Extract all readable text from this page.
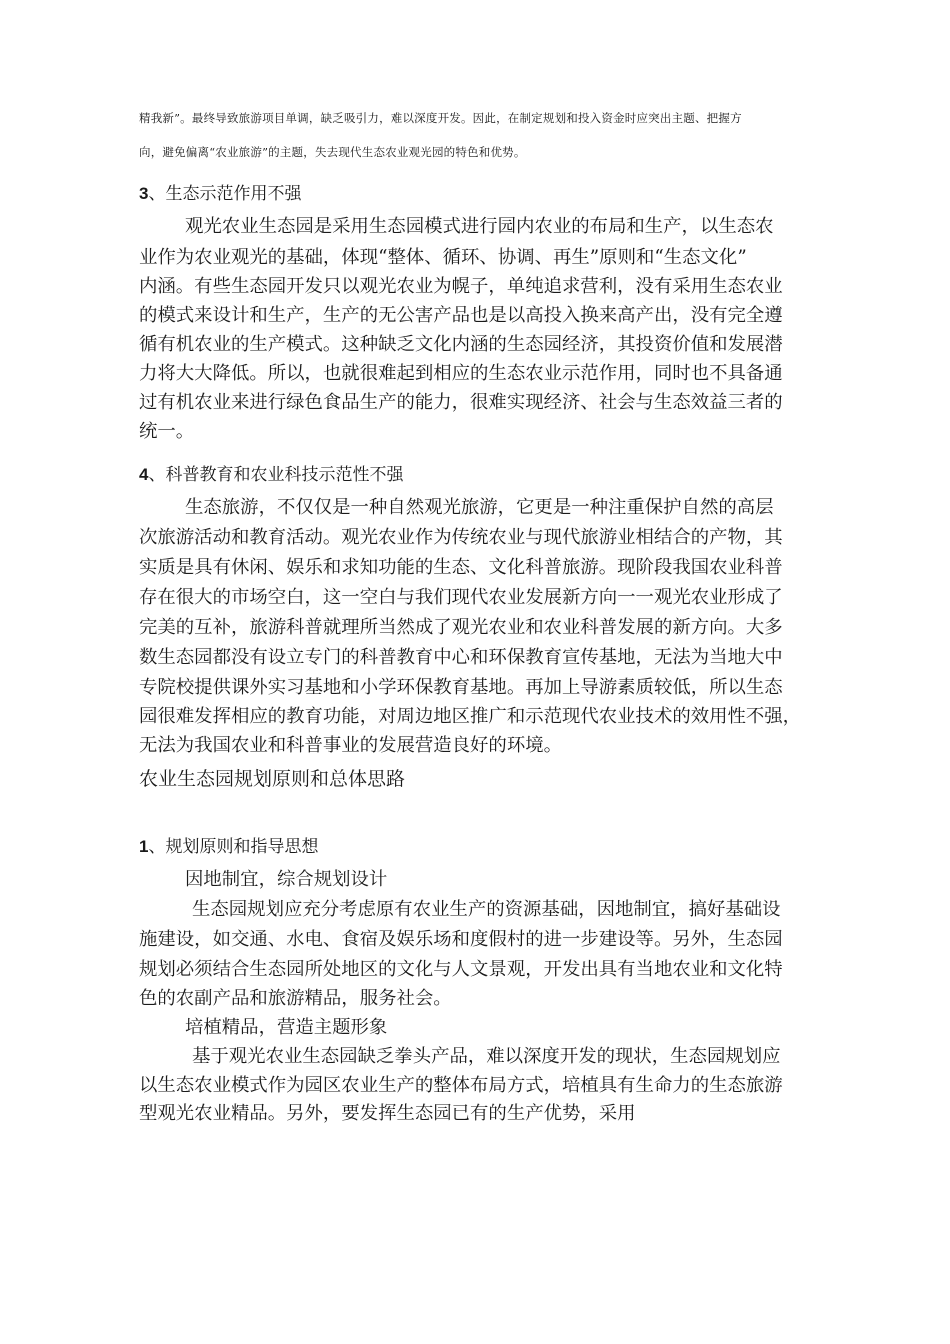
精我新”。最终导致旅游项目单调，缺乏吸引力，难以深度开发。因此，在制定规划和投入资金时应突出主题、把握方
向，避免偏离“农业旅游”的主题，失去现代生态农业观光园的特色和优势。
3、生态示范作用不强
观光农业生态园是采用生态园模式进行园内农业的布局和生产，以生态农
业作为农业观光的基础，体现“整体、循环、协调、再生”原则和“生态文化”
内涵。有些生态园开发只以观光农业为幌子，单纯追求营利，没有采用生态农业
的模式来设计和生产，生产的无公害产品也是以高投入换来高产出，没有完全遵
循有机农业的生产模式。这种缺乏文化内涵的生态园经济，其投资价值和发展潜
力将大大降低。所以，也就很难起到相应的生态农业示范作用，同时也不具备通
过有机农业来进行绿色食品生产的能力，很难实现经济、社会与生态效益三者的
统一。
4、科普教育和农业科技示范性不强
生态旅游，不仅仅是一种自然观光旅游，它更是一种注重保护自然的高层
次旅游活动和教育活动。观光农业作为传统农业与现代旅游业相结合的产物，其
实质是具有休闲、娱乐和求知功能的生态、文化科普旅游。现阶段我国农业科普
存在很大的市场空白，这一空白与我们现代农业发展新方向一一观光农业形成了
完美的互补，旅游科普就理所当然成了观光农业和农业科普发展的新方向。大多
数生态园都没有设立专门的科普教育中心和环保教育宣传基地，无法为当地大中
专院校提供课外实习基地和小学环保教育基地。再加上导游素质较低，所以生态
园很难发挥相应的教育功能，对周边地区推广和示范现代农业技术的效用性不强，
无法为我国农业和科普事业的发展营造良好的环境。
农业生态园规划原则和总体思路
1、规划原则和指导思想
因地制宜，综合规划设计
生态园规划应充分考虑原有农业生产的资源基础，因地制宜，搞好基础设
施建设，如交通、水电、食宿及娱乐场和度假村的进一步建设等。另外，生态园
规划必须结合生态园所处地区的文化与人文景观，开发出具有当地农业和文化特
色的农副产品和旅游精品，服务社会。
培植精品，营造主题形象
基于观光农业生态园缺乏拳头产品，难以深度开发的现状，生态园规划应
以生态农业模式作为园区农业生产的整体布局方式，培植具有生命力的生态旅游
型观光农业精品。另外，要发挥生态园已有的生产优势，采用
